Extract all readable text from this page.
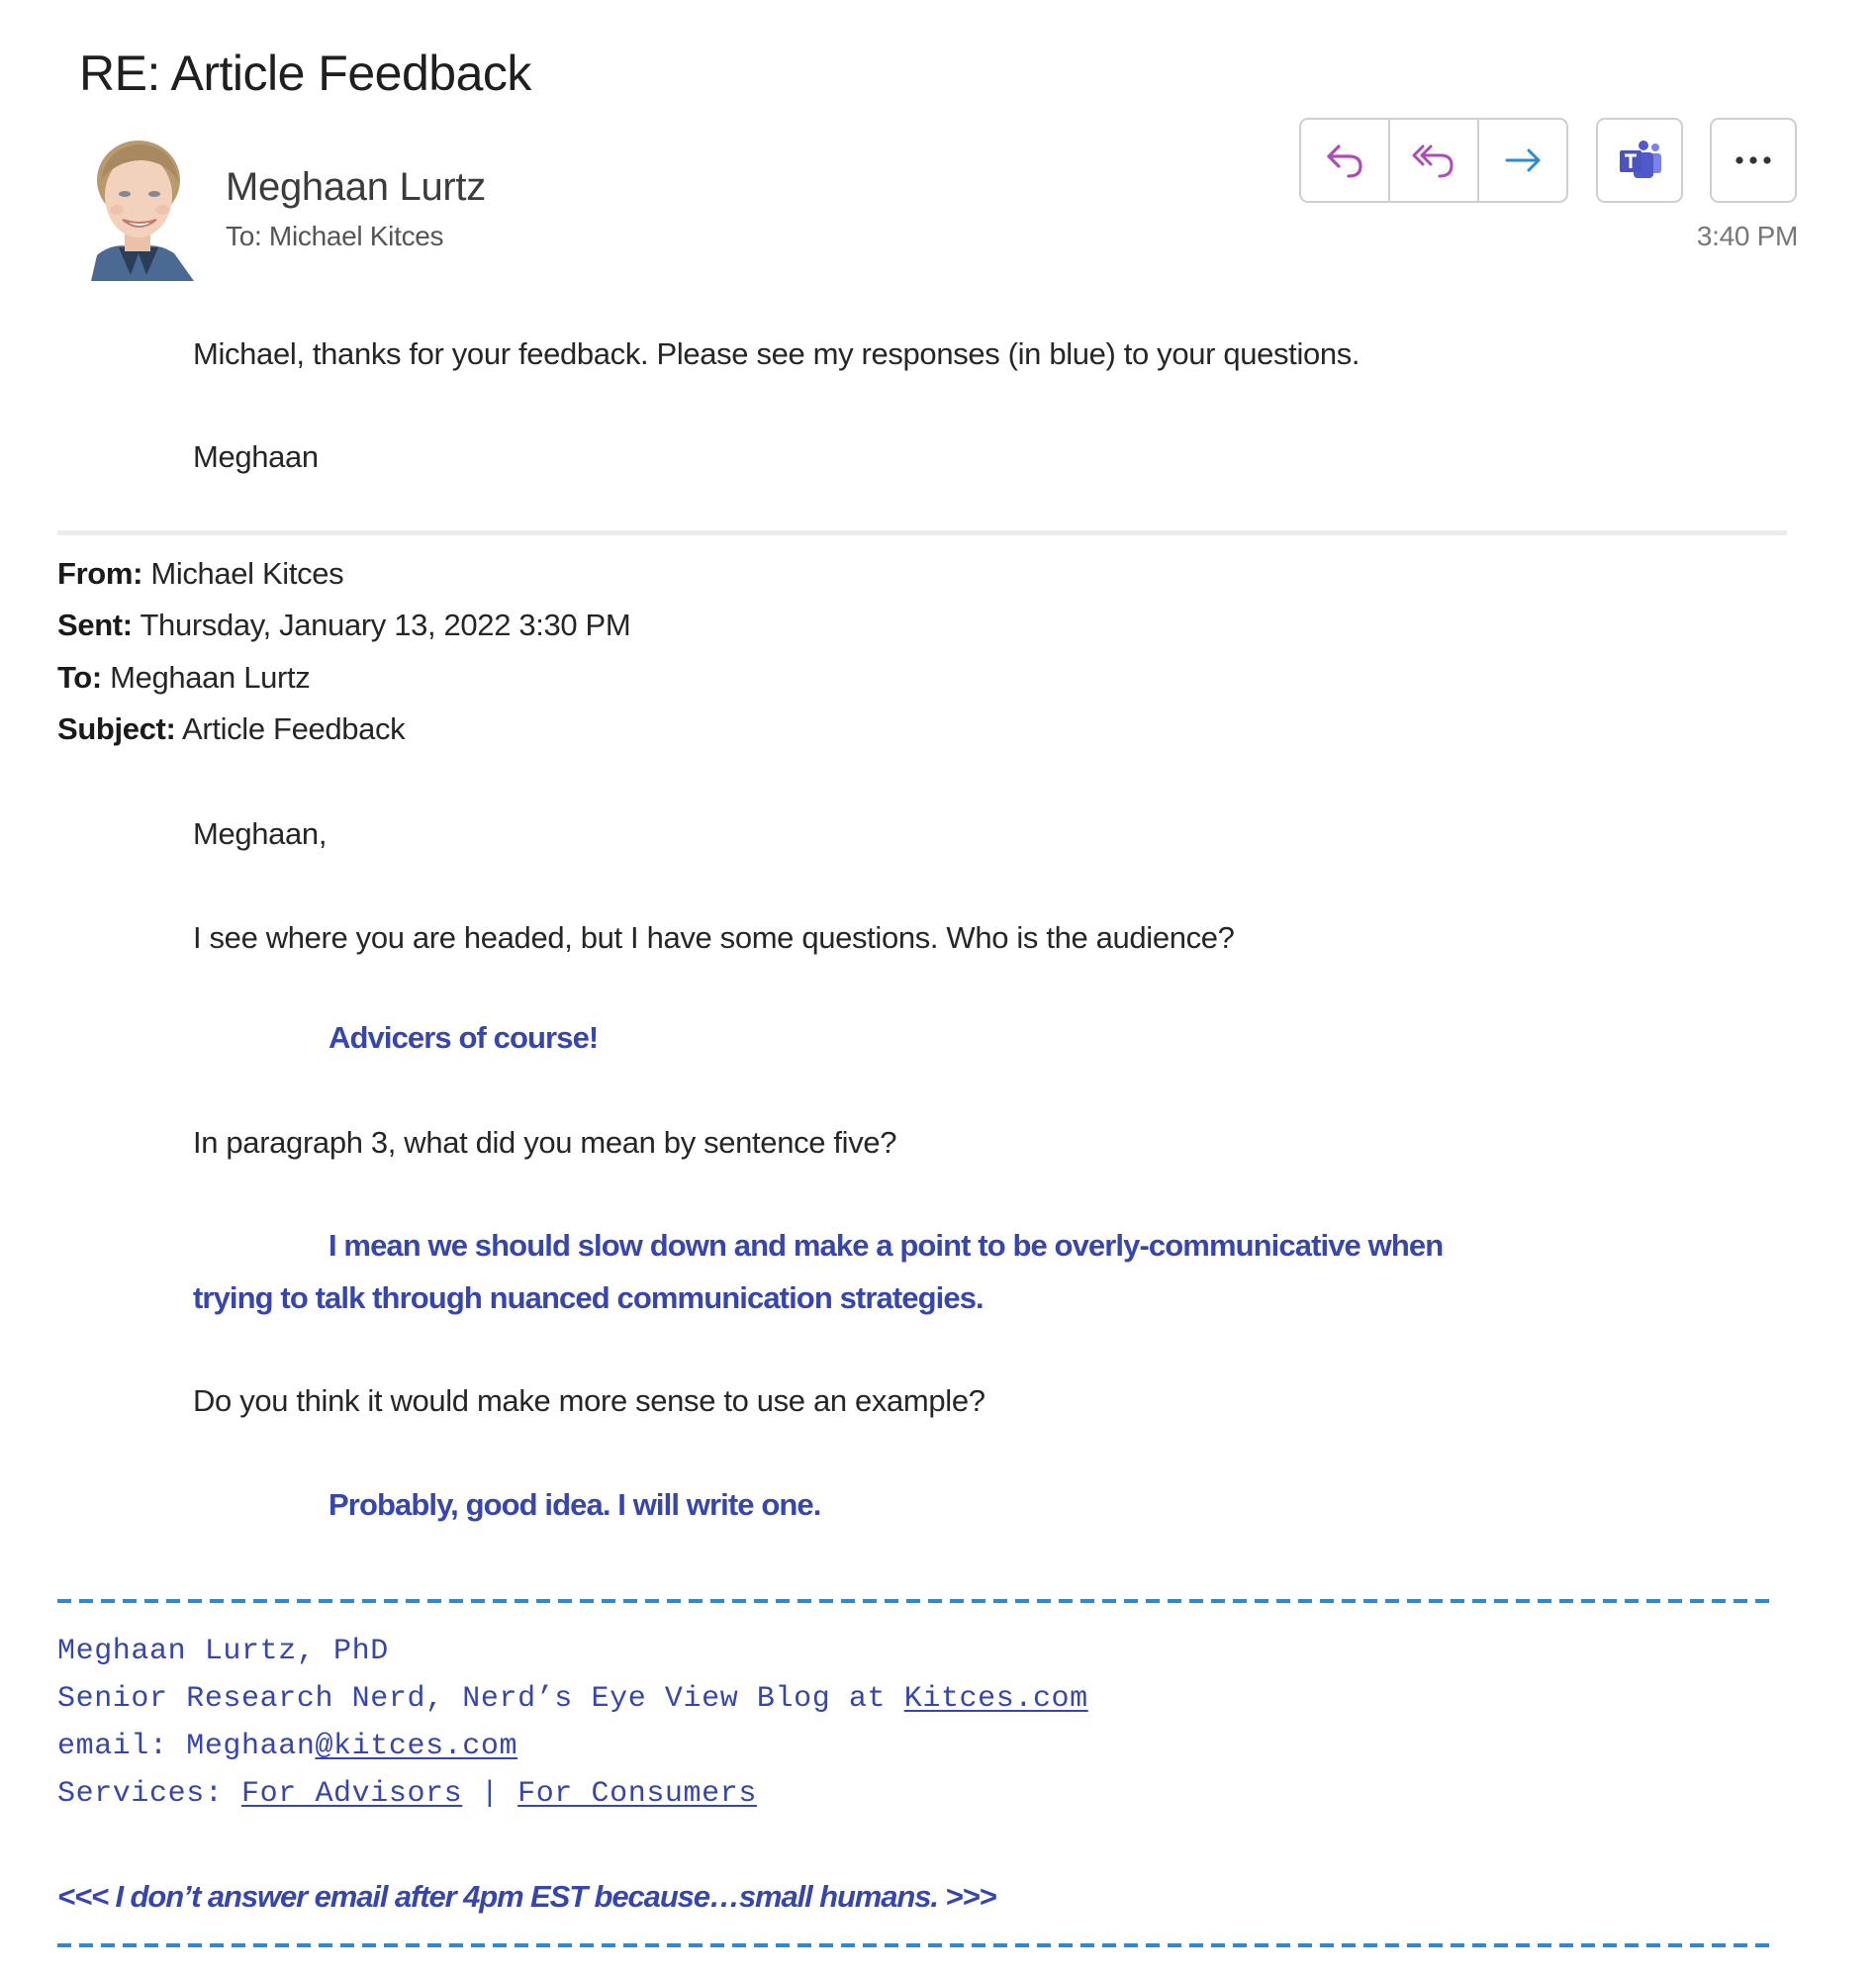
RE: Article Feedback
Meghaan Lurtz
To: Michael Kitces	3:40 PM
Michael, thanks for your feedback. Please see my responses (in blue) to your questions.
Meghaan
From: Michael Kitces
Sent: Thursday, January 13, 2022 3:30 PM
To: Meghaan Lurtz
Subject: Article Feedback
Meghaan,
I see where you are headed, but I have some questions. Who is the audience?
Advicers of course!
In paragraph 3, what did you mean by sentence five?
I mean we should slow down and make a point to be overly-communicative when
trying to talk through nuanced communication strategies.
Do you think it would make more sense to use an example?
Probably, good idea. I will write one.
Meghaan Lurtz, PhD
Senior Research Nerd, Nerd’s Eye View Blog at Kitces.com
email: Meghaan@kitces.com
Services: For Advisors | For Consumers
<<< I don’t answer email after 4pm EST because…small humans. >>>
